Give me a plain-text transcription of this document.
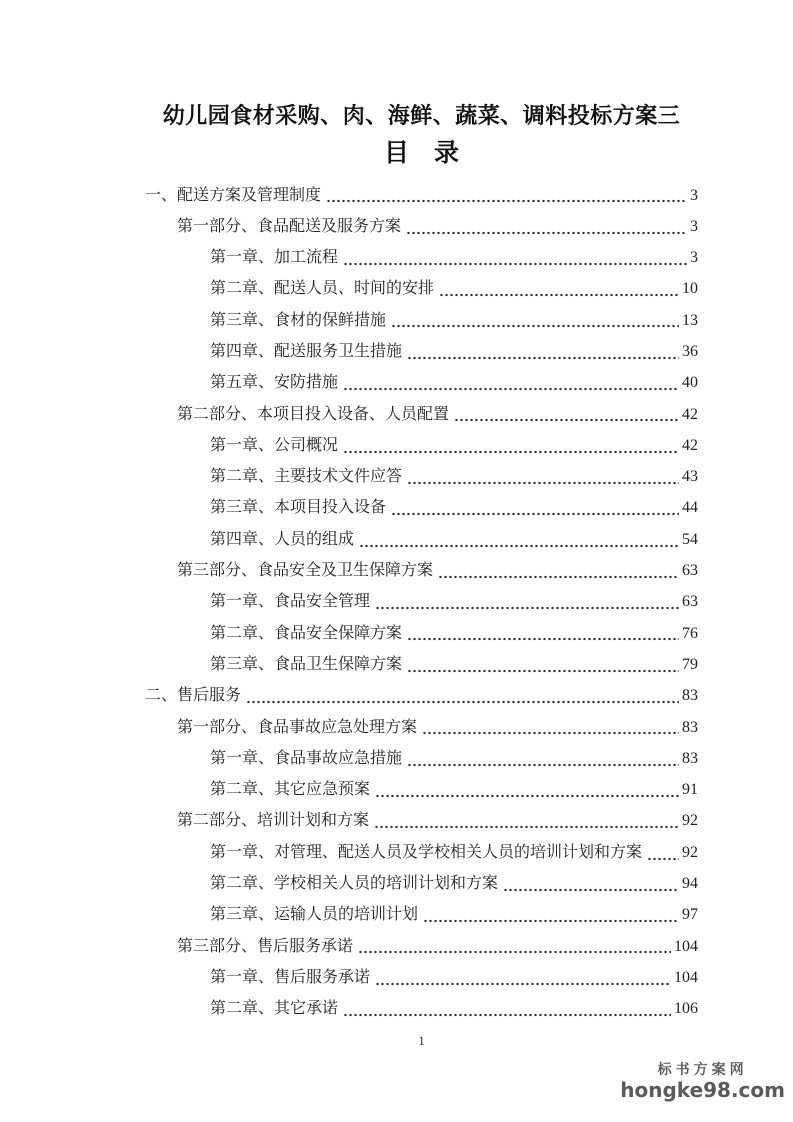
幼儿园食材采购、肉、海鲜、蔬菜、调料投标方案三
目　录
一、配送方案及管理制度	3
第一部分、食品配送及服务方案	3
第一章、加工流程	3
第二章、配送人员、时间的安排	10
第三章、食材的保鲜措施	13
第四章、配送服务卫生措施	36
第五章、安防措施	40
第二部分、本项目投入设备、人员配置	42
第一章、公司概况	42
第二章、主要技术文件应答	43
第三章、本项目投入设备	44
第四章、人员的组成	54
第三部分、食品安全及卫生保障方案	63
第一章、食品安全管理	63
第二章、食品安全保障方案	76
第三章、食品卫生保障方案	79
二、售后服务	83
第一部分、食品事故应急处理方案	83
第一章、食品事故应急措施	83
第二章、其它应急预案	91
第二部分、培训计划和方案	92
第一章、对管理、配送人员及学校相关人员的培训计划和方案 92
第二章、学校相关人员的培训计划和方案	94
第三章、运输人员的培训计划	97
第三部分、售后服务承诺	104
第一章、售后服务承诺	104
第二章、其它承诺	106
1
标书方案网
hongke98.com
